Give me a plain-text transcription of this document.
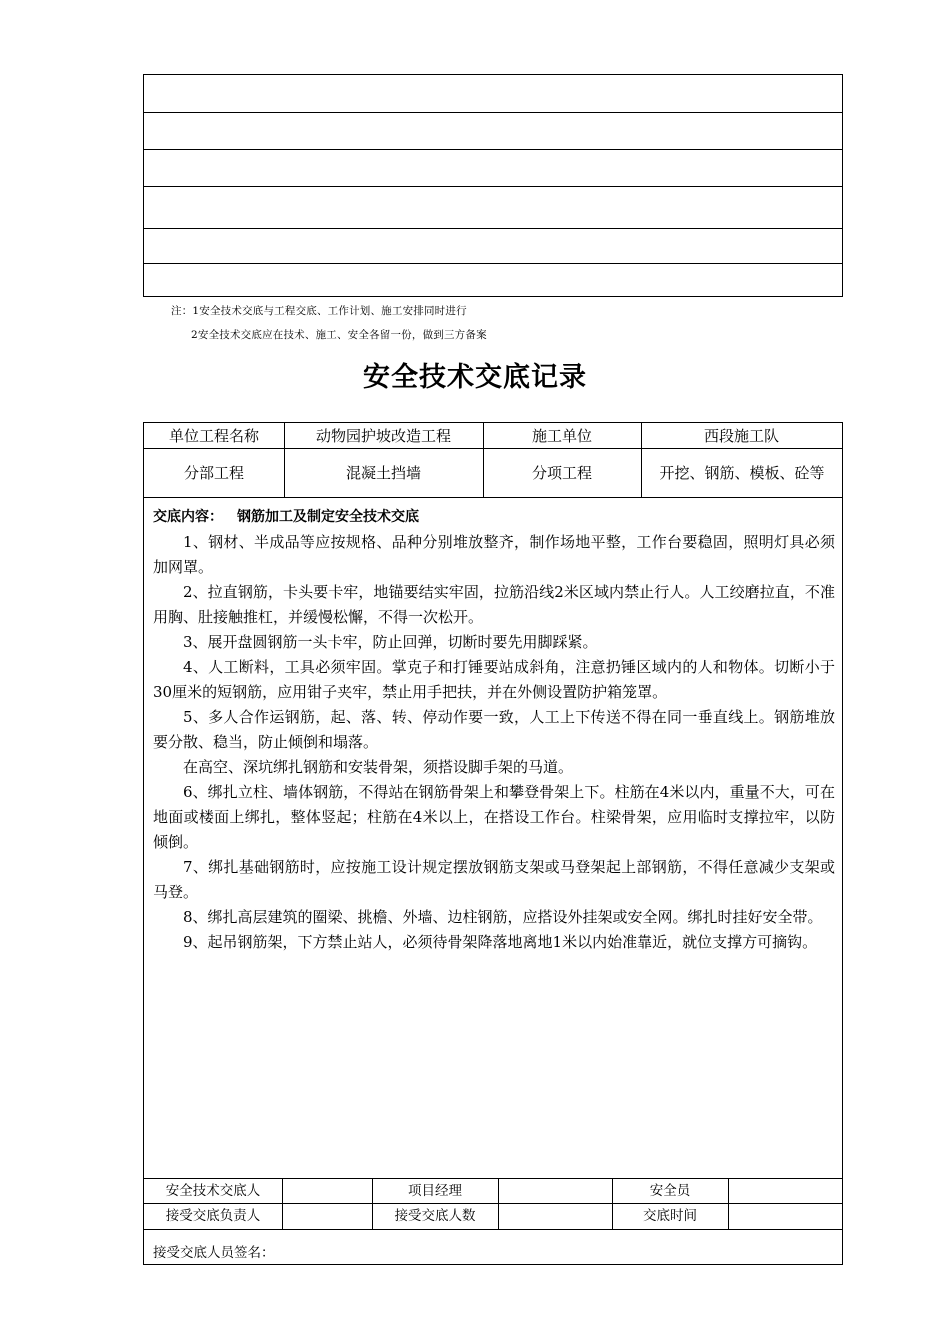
注：1安全技术交底与工程交底、工作计划、施工安排同时进行
2安全技术交底应在技术、施工、安全各留一份，做到三方备案
安全技术交底记录
单位工程名称	动物园护坡改造工程	施工单位	西段施工队
分部工程	混凝土挡墙	分项工程	开挖、钢筋、模板、砼等
交底内容： 钢筋加工及制定安全技术交底

1、钢材、半成品等应按规格、品种分别堆放整齐，制作场地平整，工作台要稳固，照明灯具必须加网罩。

2、拉直钢筋，卡头要卡牢，地锚要结实牢固，拉筋沿线2米区域内禁止行人。人工绞磨拉直，不准用胸、肚接触推杠，并缓慢松懈，不得一次松开。

3、展开盘圆钢筋一头卡牢，防止回弹，切断时要先用脚踩紧。

4、人工断料，工具必须牢固。掌克子和打锤要站成斜角，注意扔锤区域内的人和物体。切断小于30厘米的短钢筋，应用钳子夹牢，禁止用手把扶，并在外侧设置防护箱笼罩。

5、多人合作运钢筋，起、落、转、停动作要一致，人工上下传送不得在同一垂直线上。钢筋堆放要分散、稳当，防止倾倒和塌落。

在高空、深坑绑扎钢筋和安装骨架，须搭设脚手架的马道。

6、绑扎立柱、墙体钢筋，不得站在钢筋骨架上和攀登骨架上下。柱筋在4米以内，重量不大，可在地面或楼面上绑扎，整体竖起；柱筋在4米以上，在搭设工作台。柱梁骨架，应用临时支撑拉牢，以防倾倒。

7、绑扎基础钢筋时，应按施工设计规定摆放钢筋支架或马登架起上部钢筋，不得任意减少支架或马登。

8、绑扎高层建筑的圈梁、挑檐、外墙、边柱钢筋，应搭设外挂架或安全网。绑扎时挂好安全带。

9、起吊钢筋架，下方禁止站人，必须待骨架降落地离地1米以内始准靠近，就位支撑方可摘钩。

安全技术交底人	项目经理	安全员
接受交底负责人	接受交底人数	交底时间
接受交底人员签名：
